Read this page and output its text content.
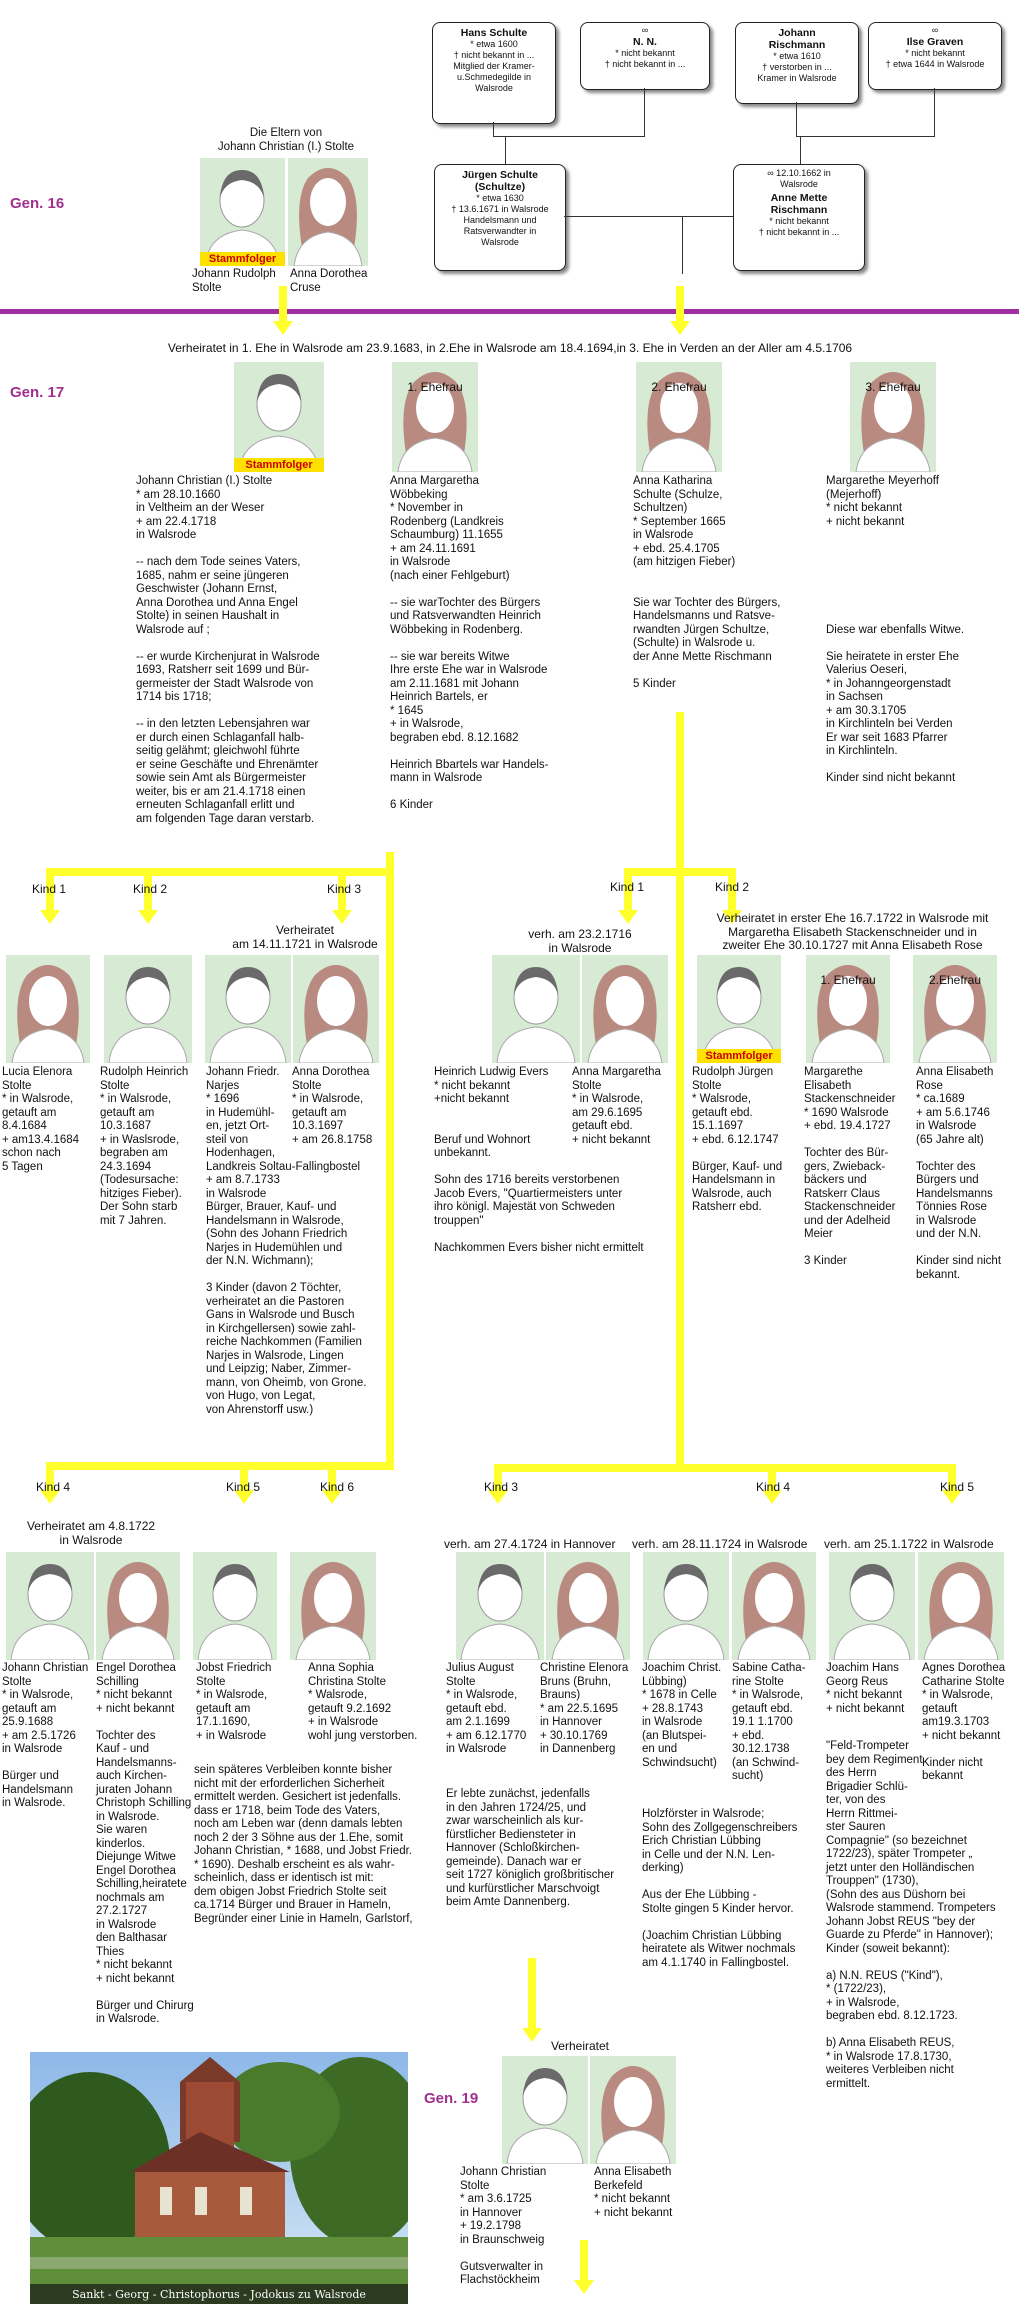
Gen. 16
Die Eltern von
Johann Christian (I.) Stolte
Stammfolger
Johann Rudolph
Stolte
Anna Dorothea
Cruse
Hans Schulte
* etwa 1600
† nicht bekannt in ...
Mitglied der Kramer-
u.Schmedegilde in
Walsrode
∞
N. N.
* nicht bekannt
† nicht bekannt in ...
Johann
Rischmann
* etwa 1610
† verstorben in ...
Kramer in Walsrode
∞
Ilse Graven
* nicht bekannt
† etwa 1644 in Walsrode
Jürgen Schulte
(Schultze)
* etwa 1630
† 13.6.1671 in Walsrode
Handelsmann und
Ratsverwandter in
Walsrode
∞ 12.10.1662 in
Walsrode
Anne Mette
Rischmann
* nicht bekannt
† nicht bekannt in ...
Verheiratet in 1. Ehe in Walsrode am 23.9.1683, in 2.Ehe in Walsrode am 18.4.1694,in 3. Ehe in Verden an der Aller am 4.5.1706
Gen. 17
Stammfolger
1. Ehefrau	2. Ehefrau	3. Ehefrau
Johann Christian (I.) Stolte
* am 28.10.1660
in Veltheim an der Weser
+ am 22.4.1718
in Walsrode

-- nach dem Tode seines Vaters,
1685, nahm er seine jüngeren
Geschwister (Johann Ernst,
Anna Dorothea und Anna Engel
Stolte) in seinen Haushalt in
Walsrode auf ;

-- er wurde Kirchenjurat in Walsrode
1693, Ratsherr seit 1699 und Bür-
germeister der Stadt Walsrode von
1714 bis 1718;

-- in den letzten Lebensjahren war
er durch einen Schlaganfall halb-
seitig gelähmt; gleichwohl führte
er seine Geschäfte und Ehrenämter
sowie sein Amt als Bürgermeister
weiter, bis er am 21.4.1718 einen
erneuten Schlaganfall erlitt und
am folgenden Tage daran verstarb.
Anna Margaretha
Wöbbeking
* November in
Rodenberg (Landkreis
Schaumburg) 11.1655
+ am 24.11.1691
in Walsrode
(nach einer Fehlgeburt)

-- sie warTochter des Bürgers
und Ratsverwandten Heinrich
Wöbbeking in Rodenberg.

-- sie war bereits Witwe
Ihre erste Ehe war in Walsrode
am 2.11.1681 mit Johann
Heinrich Bartels, er
* 1645
+ in Walsrode,
begraben ebd. 8.12.1682

Heinrich Bbartels war Handels-
mann in Walsrode

6 Kinder
Anna Katharina
Schulte (Schulze,
Schultzen)
* September 1665
in Walsrode
+ ebd. 25.4.1705
(am hitzigen Fieber)

Sie war Tochter des Bürgers,
Handelsmanns und Ratsve-
rwandten Jürgen Schultze,
(Schulte) in Walsrode u.
der Anne Mette Rischmann

5 Kinder
Margarethe Meyerhoff
(Mejerhoff)
* nicht bekannt
+ nicht bekannt

Diese war ebenfalls Witwe.

Sie heiratete in erster Ehe
Valerius Oeseri,
* in Johanngeorgenstadt
in Sachsen
+ am 30.3.1705
in Kirchlinteln bei Verden
Er war seit 1683 Pfarrer
in Kirchlinteln.

Kinder sind nicht bekannt
Kind 1	Kind 2	Kind 3	Kind 1	Kind 2
Verheiratet
am 14.11.1721 in Walsrode
Lucia Elenora
Stolte
* in Walsrode,
getauft am
8.4.1684
+ am13.4.1684
schon nach
5 Tagen
Rudolph Heinrich
Stolte
* in Walsrode,
getauft am
10.3.1687
+ in Waslsrode,
begraben am
24.3.1694
(Todesursache:
hitziges Fieber).
Der Sohn starb
mit 7 Jahren.
Johann Friedr.
Narjes
* 1696
in Hudemühl-
en, jetzt Ort-
steil von
Hodenhagen,
Landkreis Soltau-Fallingbostel
+ am 8.7.1733
in Walsrode
Bürger, Brauer, Kauf- und
Handelsmann in Walsrode,
(Sohn des Johann Friedrich
Narjes in Hudemühlen und
der N.N. Wichmann);

3 Kinder (davon 2 Töchter,
verheiratet an die Pastoren
Gans in Walsrode und Busch
in Kirchgellersen) sowie zahl-
reiche Nachkommen (Familien
Narjes in Walsrode, Lingen
und Leipzig; Naber, Zimmer-
mann, von Oheimb, von Grone.
von Hugo, von Legat,
von Ahrenstorff usw.)
Anna Dorothea
Stolte
* in Walsrode,
getauft am
10.3.1697
+ am 26.8.1758
verh. am 23.2.1716
in Walsrode
Verheiratet in erster Ehe 16.7.1722 in Walsrode mit
Margaretha Elisabeth Stackenschneider und in
zweiter Ehe 30.10.1727 mit Anna Elisabeth Rose
Stammfolger
1. Ehefrau	2.Ehefrau
Heinrich Ludwig Evers
* nicht bekannt
+nicht bekannt

Beruf und Wohnort
unbekannt.

Sohn des 1716 bereits verstorbenen
Jacob Evers, "Quartiermeisters unter
ihro königl. Majestät von Schweden
trouppen"

Nachkommen Evers bisher nicht ermittelt
Anna Margaretha
Stolte
* in Walsrode,
am 29.6.1695
getauft ebd.
+ nicht bekannt
Rudolph Jürgen
Stolte
* Walsrode,
getauft ebd.
15.1.1697
+ ebd. 6.12.1747

Bürger, Kauf- und
Handelsmann in
Walsrode, auch
Ratsherr ebd.
Margarethe
Elisabeth
Stackenschneider
* 1690 Walsrode
+ ebd. 19.4.1727

Tochter des Bür-
gers, Zwieback-
bäckers und
Ratskerr Claus
Stackenschneider
und der Adelheid
Meier

3 Kinder
Anna Elisabeth
Rose
* ca.1689
+ am 5.6.1746
in Walsrode
(65 Jahre alt)

Tochter des
Bürgers und
Handelsmanns
Tönnies Rose
in Walsrode
und der N.N.

Kinder sind nicht
bekannt.
Kind 4	Kind 5	Kind 6	Kind 3	Kind 4	Kind 5
Verheiratet am 4.8.1722
in Walsrode
Johann Christian
Stolte
* in Walsrode,
getauft am
25.9.1688
+ am 2.5.1726
in Walsrode

Bürger und
Handelsmann
in Walsrode.
Engel Dorothea
Schilling
* nicht bekannt
+ nicht bekannt

Tochter des
Kauf - und
Handelsmanns-
auch Kirchen-
juraten Johann
Christoph Schilling
in Walsrode.
Sie waren
kinderlos.
Diejunge Witwe
Engel Dorothea
Schilling,heiratete
nochmals am
27.2.1727
in Walsrode
den Balthasar Thies
* nicht bekannt
+ nicht bekannt

Bürger und Chirurg
in Walsrode.
Jobst Friedrich
Stolte
* in Walsrode,
getauft am
17.1.1690,
+ in Walsrode
Anna Sophia
Christina Stolte
* Walsrode,
getauft 9.2.1692
+ in Walsrode
wohl jung verstorben.
sein späteres Verbleiben konnte bisher
nicht mit der erforderlichen Sicherheit
ermittelt werden. Gesichert ist jedenfalls.
dass er 1718, beim Tode des Vaters,
noch am Leben war (denn damals lebten
noch 2 der 3 Söhne aus der 1.Ehe, somit
Johann Christian, * 1688, und Jobst Friedr.
* 1690). Deshalb erscheint es als wahr-
scheinlich, dass er identisch ist mit:
dem obigen Jobst Friedrich Stolte seit
ca.1714 Bürger und Brauer in Hameln,
Begründer einer Linie in Hameln, Garlstorf,
verh. am 27.4.1724 in Hannover	verh. am 28.11.1724 in Walsrode	verh. am 25.1.1722 in Walsrode
Julius August
Stolte
* in Walsrode,
getauft ebd.
am 2.1.1699
+ am 6.12.1770
in Walsrode
Christine Elenora
Bruns (Bruhn,
Brauns)
* am 22.5.1695
in Hannover
+ 30.10.1769
in Dannenberg
Er lebte zunächst, jedenfalls
in den Jahren 1724/25, und
zwar warscheinlich als kur-
fürstlicher Bediensteter in
Hannover (Schloßkirchen-
gemeinde). Danach war er
seit 1727 königlich großbritischer
und kurfürstlicher Marschvoigt
beim Amte Dannenberg.
Joachim Christ.
Lübbing)
* 1678 in Celle
+ 28.8.1743
in Walsrode
(an Blutspei-
en und
Schwindsucht)
Sabine Catha-
rine Stolte
* in Walsrode,
getauft ebd.
19.1 1.1700
+ ebd.
30.12.1738
(an Schwind-
sucht)
Holzförster in Walsrode;
Sohn des Zollgegenschreibers
Erich Christian Lübbing
in Celle und der N.N. Len-
derking)

Aus der Ehe Lübbing -
Stolte gingen 5 Kinder hervor.

(Joachim Christian Lübbing
heiratete als Witwer nochmals
am 4.1.1740 in Fallingbostel.
Joachim Hans
Georg Reus
* nicht bekannt
+ nicht bekannt
Agnes Dorothea
Catharine Stolte
* in Walsrode,
getauft
am19.3.1703
+ nicht bekannt

Kinder nicht
bekannt
"Feld-Trompeter
bey dem Regiment
des Herrn
Brigadier Schlü-
ter, von des
Herrn Rittmei-
ster Sauren
Compagnie" (so bezeichnet
1722/23), später Trompeter „
jetzt unter den Holländischen
Trouppen" (1730),
(Sohn des aus Düshorn bei
Walsrode stammend. Trompeters
Johann Jobst REUS "bey der
Guarde zu Pferde" in Hannover);
Kinder (soweit bekannt):

a) N.N. REUS ("Kind"),
* (1722/23),
+ in Walsrode,
begraben ebd. 8.12.1723.

b) Anna Elisabeth REUS,
* in Walsrode 17.8.1730,
weiteres Verbleiben nicht
ermittelt.
Verheiratet
Gen. 19
Johann Christian
Stolte
* am 3.6.1725
in Hannover
+ 19.2.1798
in Braunschweig

Gutsverwalter in
Flachstöckheim
Anna Elisabeth
Berkefeld
* nicht bekannt
+ nicht bekannt
Sankt - Georg - Christophorus - Jodokus zu Walsrode
